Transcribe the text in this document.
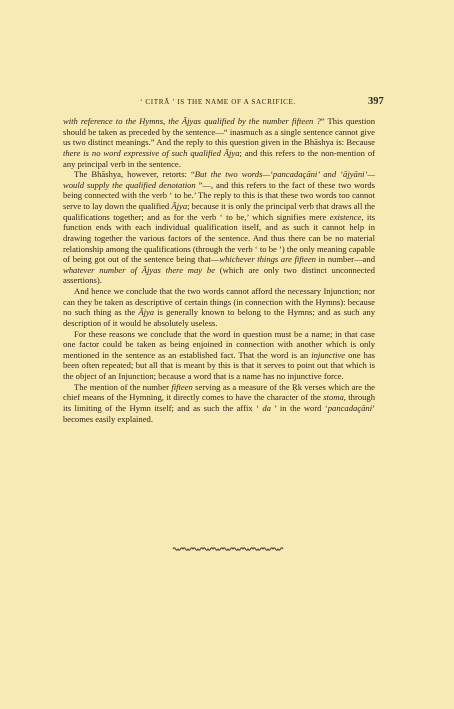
‘ CITRĀ ’ IS THE NAME OF A SACRIFICE.	397

with reference to the Hymns, the Ājyas qualified by the number fifteen ?” This question should be taken as preceded by the sentence—“ inasmuch as a single sentence cannot give us two distinct meanings.” And the reply to this question given in the Bhāshya is: Because there is no word expressive of such qualified Ājya; and this refers to the non-mention of any principal verb in the sentence.

The Bhāshya, however, retorts: “But the two words—‘pancadaçāni’ and ‘ājyāni’—would supply the qualified denotation ”—, and this refers to the fact of these two words being connected with the verb ‘ to be.’ The reply to this is that these two words too cannot serve to lay down the qualified Ājya; because it is only the principal verb that draws all the qualifications together; and as for the verb ‘ to be,’ which signifies mere existence, its function ends with each individual qualification itself, and as such it cannot help in drawing together the various factors of the sentence. And thus there can be no material relationship among the qualifications (through the verb ‘ to be ’) the only meaning capable of being got out of the sentence being that—whichever things are fifteen in number—and whatever number of Ājyas there may be (which are only two distinct unconnected assertions).

And hence we conclude that the two words cannot afford the necessary Injunction; nor can they be taken as descriptive of certain things (in connection with the Hymns): because no such thing as the Ājya is generally known to belong to the Hymns; and as such any description of it would be absolutely useless.

For these reasons we conclude that the word in question must be a name; in that case one factor could be taken as being enjoined in connection with another which is only mentioned in the sentence as an established fact. That the word is an injunctive one has been often repeated; but all that is meant by this is that it serves to point out that which is the object of an Injunction; because a word that is a name has no injunctive force.

The mention of the number fifteen serving as a measure of the Ṛk verses which are the chief means of the Hymning, it directly comes to have the character of the stoma, through its limiting of the Hymn itself; and as such the affix ‘ da ’ in the word ‘pancadaçāni’ becomes easily explained.
